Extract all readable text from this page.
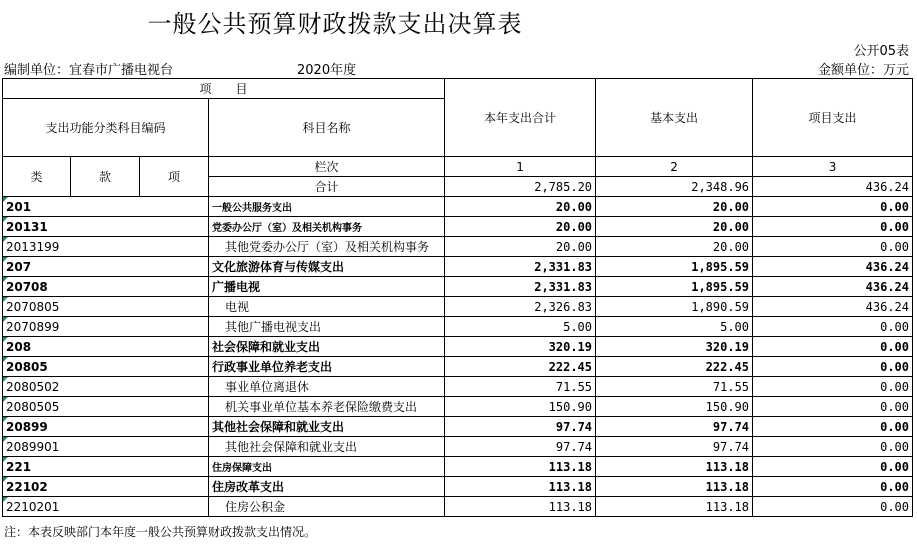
一般公共预算财政拨款支出决算表
公开05表
编制单位：宜春市广播电视台	2020年度	金额单位：万元
项　　目				本年支出合计	基本支出	项目支出
支出功能分类科目编码			科目名称			

类	款	项	栏次	1	2	3
			合计	2,785.20	2,348.96	436.24
201			一般公共服务支出	20.00	20.00	0.00
20131			党委办公厅（室）及相关机构事务	20.00	20.00	0.00
2013199			其他党委办公厅（室）及相关机构事务	20.00	20.00	0.00
207			文化旅游体育与传媒支出	2,331.83	1,895.59	436.24
20708			广播电视	2,331.83	1,895.59	436.24
2070805			电视	2,326.83	1,890.59	436.24
2070899			其他广播电视支出	5.00	5.00	0.00
208			社会保障和就业支出	320.19	320.19	0.00
20805			行政事业单位养老支出	222.45	222.45	0.00
2080502			事业单位离退休	71.55	71.55	0.00
2080505			机关事业单位基本养老保险缴费支出	150.90	150.90	0.00
20899			其他社会保障和就业支出	97.74	97.74	0.00
2089901			其他社会保障和就业支出	97.74	97.74	0.00
221			住房保障支出	113.18	113.18	0.00
22102			住房改革支出	113.18	113.18	0.00
2210201			住房公积金	113.18	113.18	0.00
注：本表反映部门本年度一般公共预算财政拨款支出情况。
